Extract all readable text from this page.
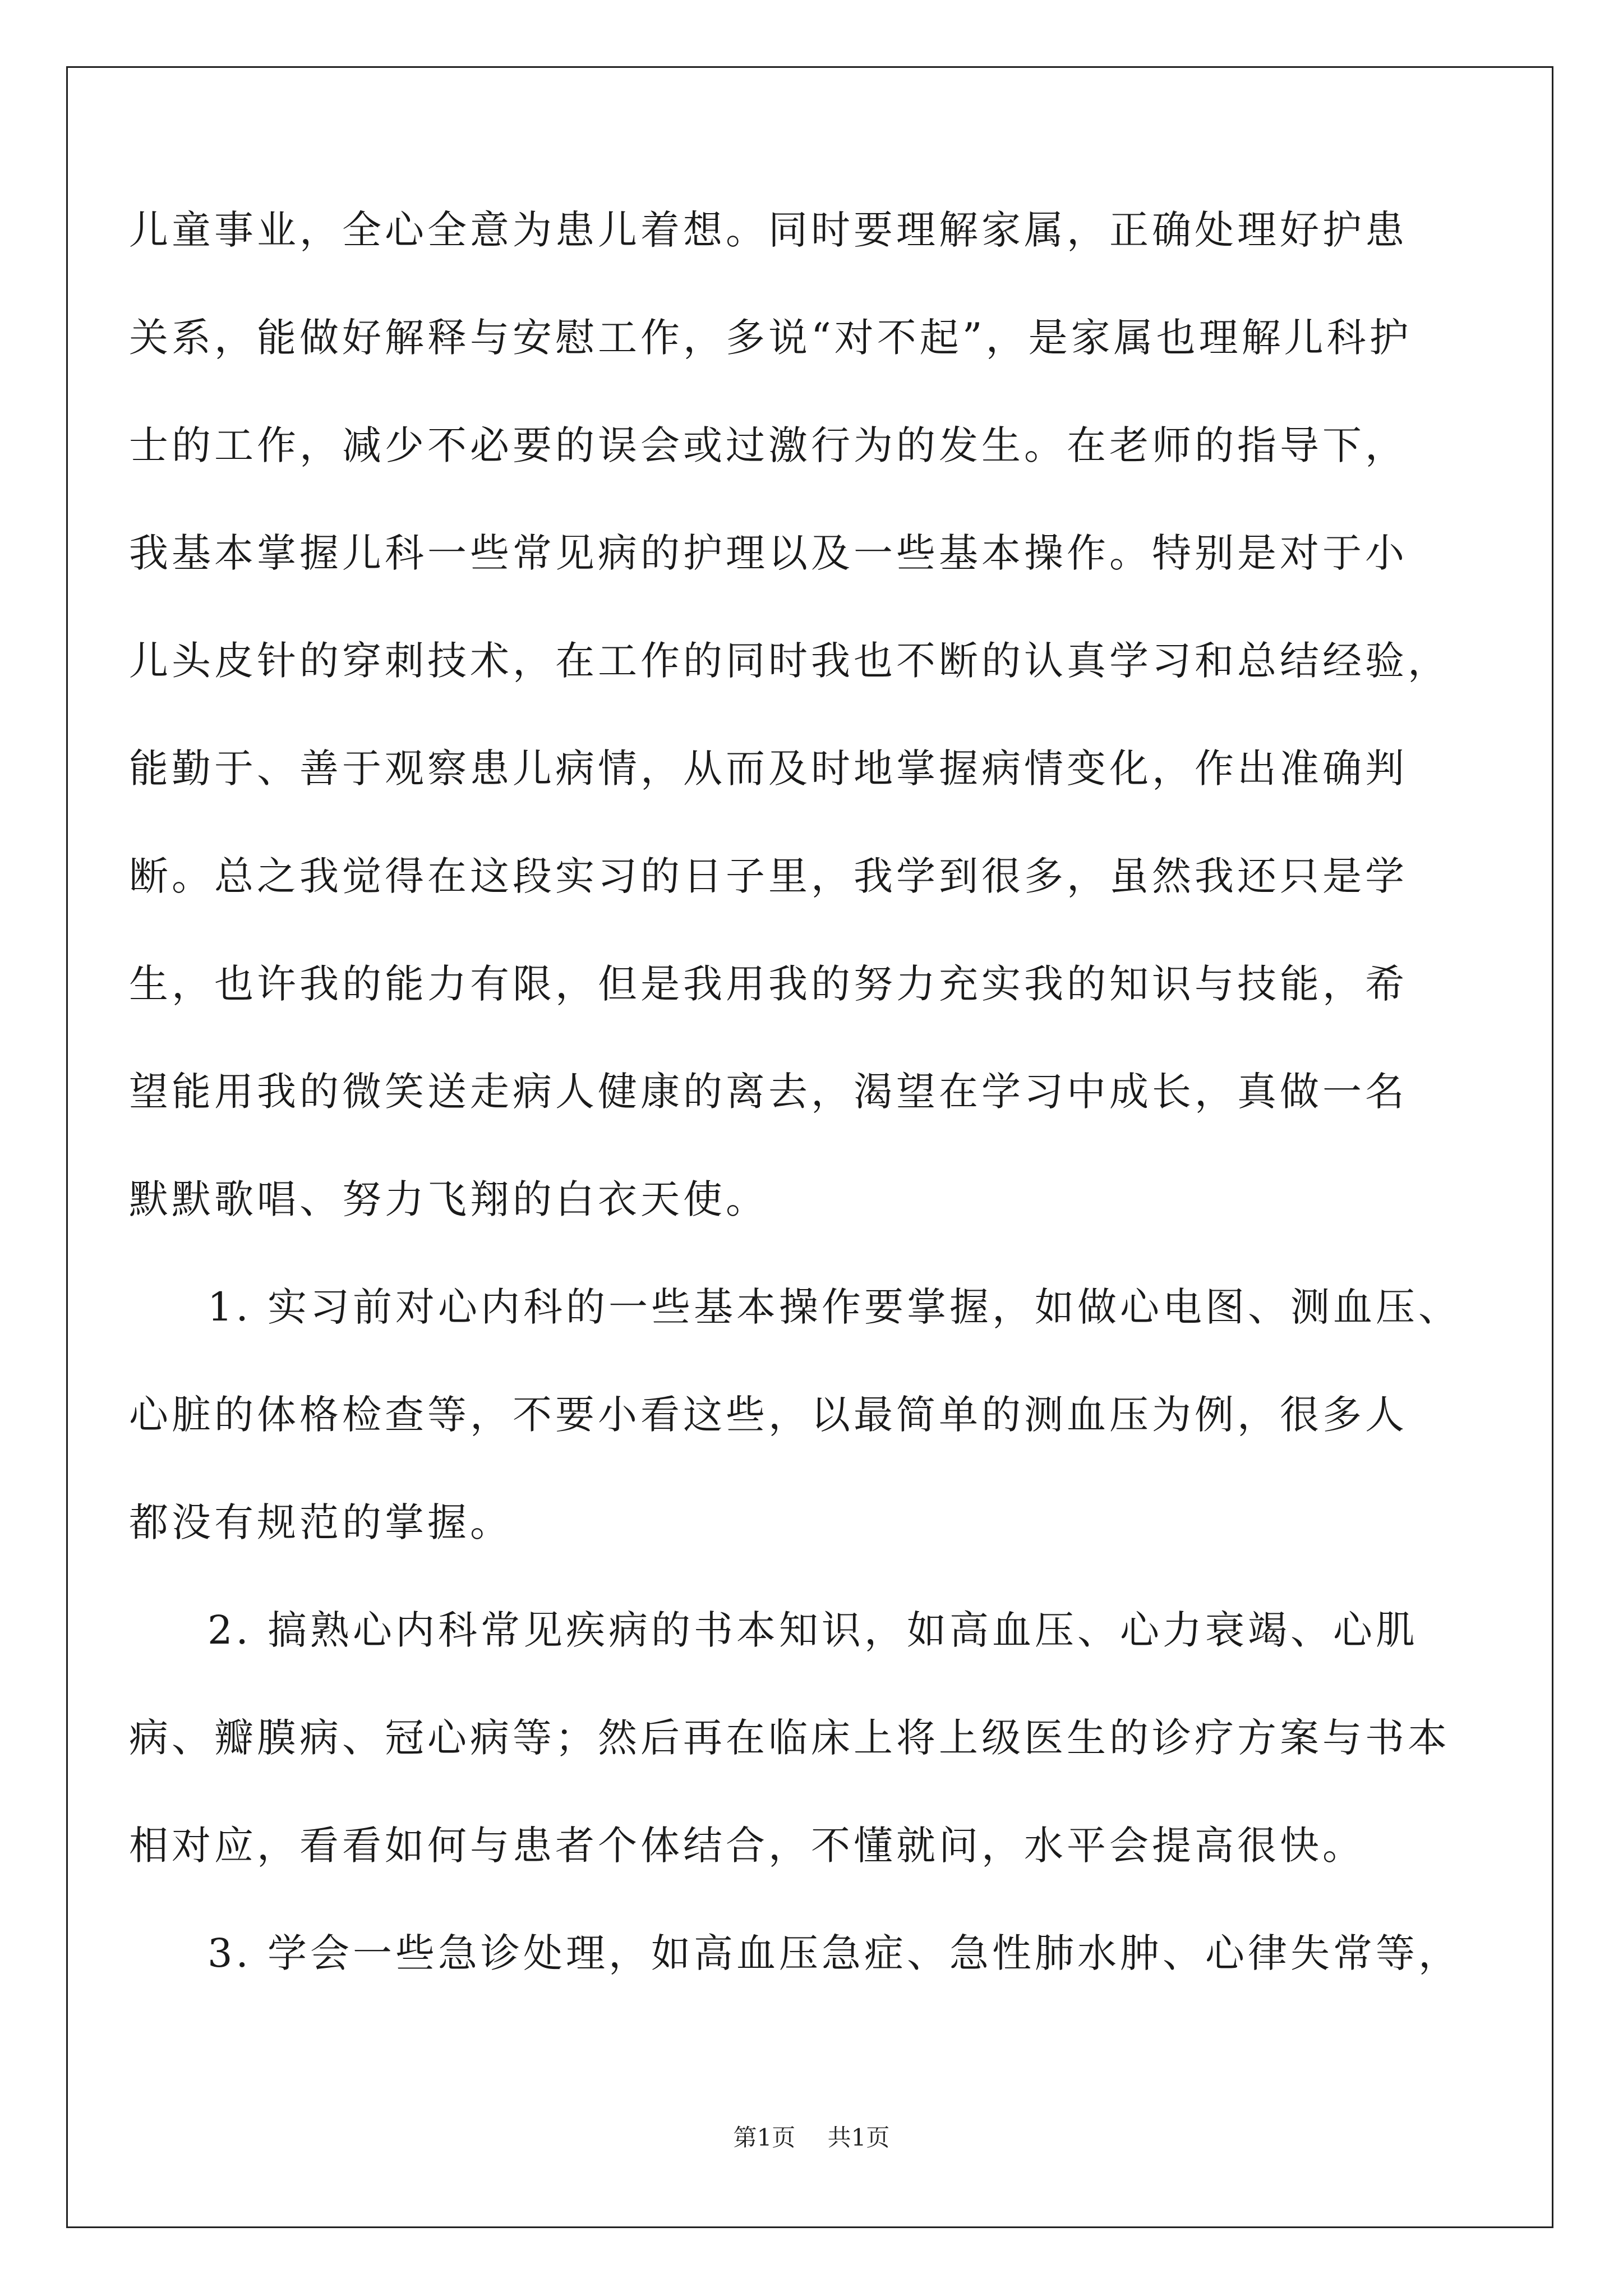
儿童事业，全心全意为患儿着想。同时要理解家属，正确处理好护患
关系，能做好解释与安慰工作，多说“对不起”，是家属也理解儿科护
士的工作，减少不必要的误会或过激行为的发生。在老师的指导下，
我基本掌握儿科一些常见病的护理以及一些基本操作。特别是对于小
儿头皮针的穿刺技术，在工作的同时我也不断的认真学习和总结经验，
能勤于、善于观察患儿病情，从而及时地掌握病情变化，作出准确判
断。总之我觉得在这段实习的日子里，我学到很多，虽然我还只是学
生，也许我的能力有限，但是我用我的努力充实我的知识与技能，希
望能用我的微笑送走病人健康的离去，渴望在学习中成长，真做一名
默默歌唱、努力飞翔的白衣天使。
1. 实习前对心内科的一些基本操作要掌握，如做心电图、测血压、
心脏的体格检查等，不要小看这些，以最简单的测血压为例，很多人
都没有规范的掌握。
2. 搞熟心内科常见疾病的书本知识，如高血压、心力衰竭、心肌
病、瓣膜病、冠心病等；然后再在临床上将上级医生的诊疗方案与书本
相对应，看看如何与患者个体结合，不懂就问，水平会提高很快。
3. 学会一些急诊处理，如高血压急症、急性肺水肿、心律失常等，
第1页 共1页
